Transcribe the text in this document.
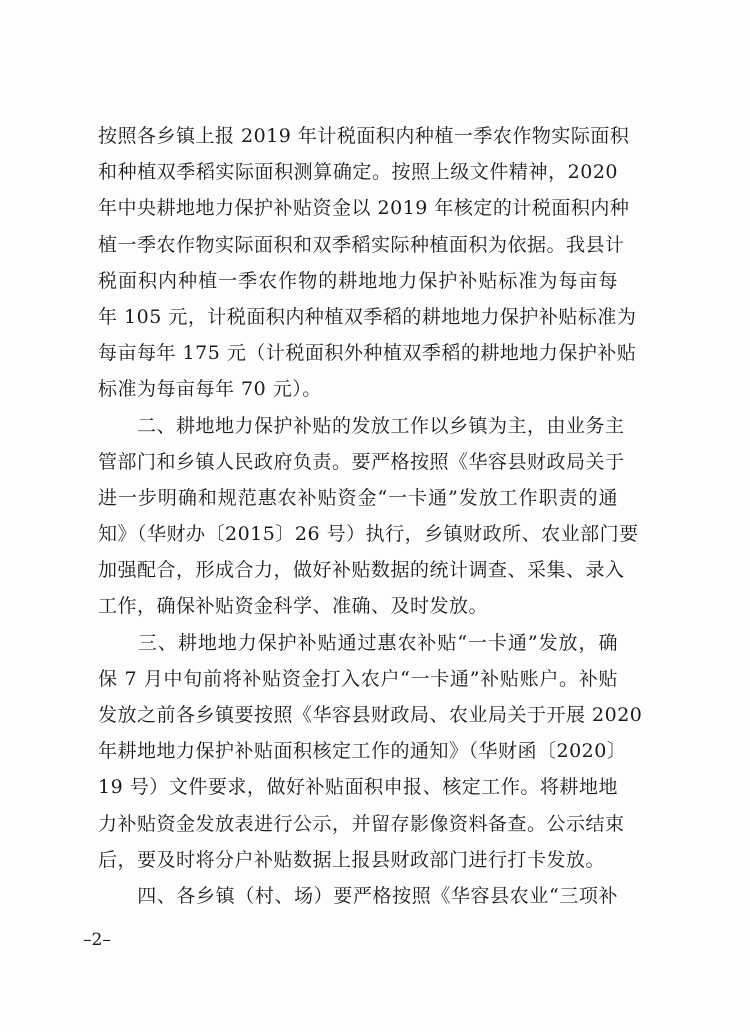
按照各乡镇上报 2019 年计税面积内种植一季农作物实际面积
和种植双季稻实际面积测算确定。按照上级文件精神，2020
年中央耕地地力保护补贴资金以 2019 年核定的计税面积内种
植一季农作物实际面积和双季稻实际种植面积为依据。我县计
税面积内种植一季农作物的耕地地力保护补贴标准为每亩每
年 105 元，计税面积内种植双季稻的耕地地力保护补贴标准为
每亩每年 175 元（计税面积外种植双季稻的耕地地力保护补贴
标准为每亩每年 70 元）。
　　二、耕地地力保护补贴的发放工作以乡镇为主，由业务主
管部门和乡镇人民政府负责。要严格按照《华容县财政局关于
进一步明确和规范惠农补贴资金“一卡通”发放工作职责的通
知》（华财办〔2015〕26 号）执行，乡镇财政所、农业部门要
加强配合，形成合力，做好补贴数据的统计调查、采集、录入
工作，确保补贴资金科学、准确、及时发放。
　　三、耕地地力保护补贴通过惠农补贴“一卡通”发放，确
保 7 月中旬前将补贴资金打入农户“一卡通”补贴账户。补贴
发放之前各乡镇要按照《华容县财政局、农业局关于开展 2020
年耕地地力保护补贴面积核定工作的通知》（华财函〔2020〕
19 号）文件要求，做好补贴面积申报、核定工作。将耕地地
力补贴资金发放表进行公示，并留存影像资料备查。公示结束
后，要及时将分户补贴数据上报县财政部门进行打卡发放。
　　四、各乡镇（村、场）要严格按照《华容县农业“三项补
–2–
